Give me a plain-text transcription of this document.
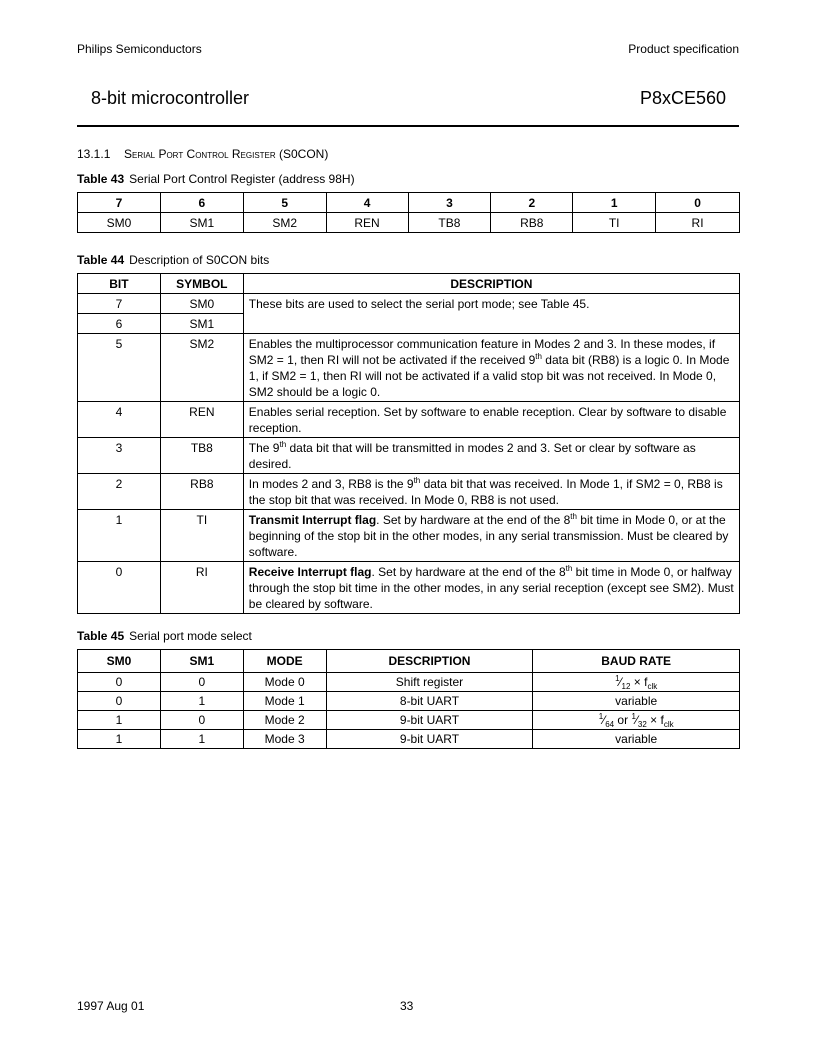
Philips Semiconductors	Product specification
8-bit microcontroller	P8xCE560
13.1.1 Serial Port Control Register (S0CON)
Table 43 Serial Port Control Register (address 98H)
7	6	5	4	3	2	1	0
SM0	SM1	SM2	REN	TB8	RB8	TI	RI
Table 44 Description of S0CON bits
BIT	SYMBOL	DESCRIPTION
7	SM0	These bits are used to select the serial port mode; see Table 45.
6	SM1	
5	SM2	Enables the multiprocessor communication feature in Modes 2 and 3. In these modes, if SM2 = 1, then RI will not be activated if the received 9th data bit (RB8) is a logic 0. In Mode 1, if SM2 = 1, then RI will not be activated if a valid stop bit was not received. In Mode 0, SM2 should be a logic 0.
4	REN	Enables serial reception. Set by software to enable reception. Clear by software to disable reception.
3	TB8	The 9th data bit that will be transmitted in modes 2 and 3. Set or clear by software as desired.
2	RB8	In modes 2 and 3, RB8 is the 9th data bit that was received. In Mode 1, if SM2 = 0, RB8 is the stop bit that was received. In Mode 0, RB8 is not used.
1	TI	Transmit Interrupt flag. Set by hardware at the end of the 8th bit time in Mode 0, or at the beginning of the stop bit in the other modes, in any serial transmission. Must be cleared by software.
0	RI	Receive Interrupt flag. Set by hardware at the end of the 8th bit time in Mode 0, or halfway through the stop bit time in the other modes, in any serial reception (except see SM2). Must be cleared by software.
Table 45 Serial port mode select
SM0	SM1	MODE	DESCRIPTION	BAUD RATE
0	0	Mode 0	Shift register	$^1⁄_{12} \times f_{clk}$
0	1	Mode 1	8-bit UART	variable
1	0	Mode 2	9-bit UART	$^1⁄_{64}$ or $^1⁄_{32} \times f_{clk}$
1	1	Mode 3	9-bit UART	variable
1997 Aug 01	33
